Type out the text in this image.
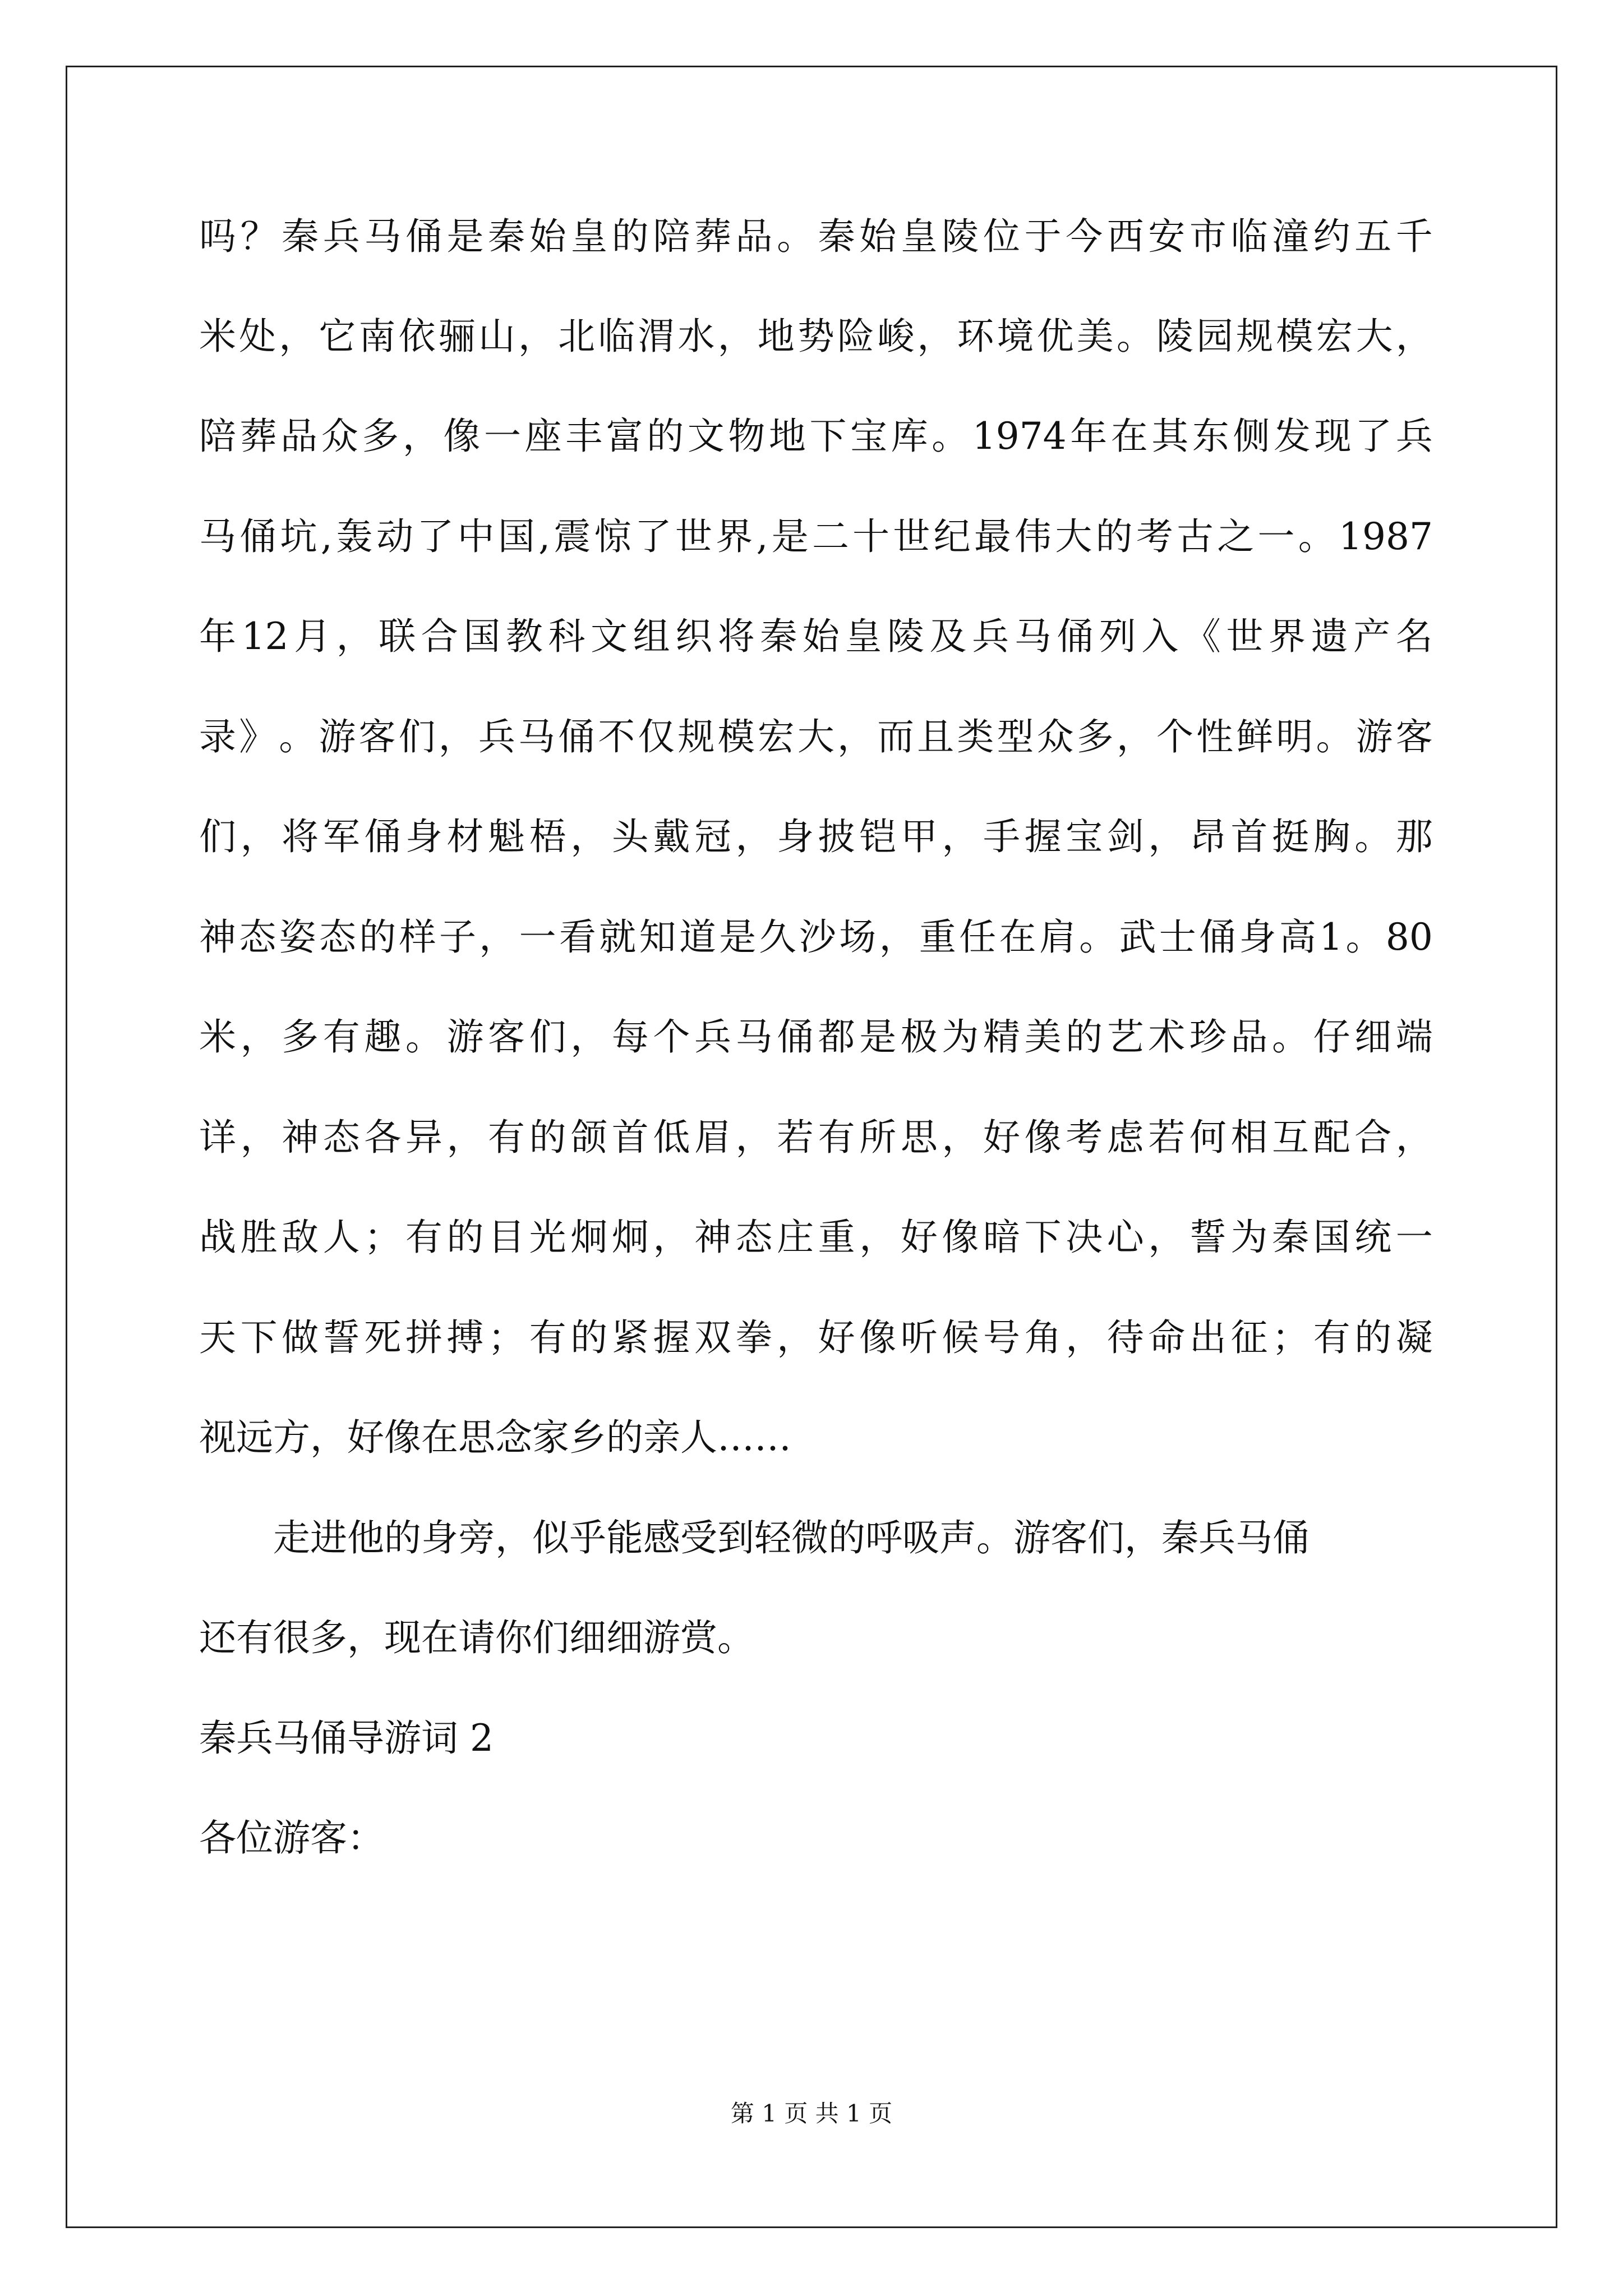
吗 ？ 秦 兵 马 俑 是 秦 始 皇 的 陪 葬 品 。 秦 始 皇 陵 位 于 今 西 安 市 临 潼 约 五 千
米 处 ， 它 南 依 骊 山 ， 北 临 渭 水 ， 地 势 险 峻 ， 环 境 优 美 。 陵 园 规 模 宏 大 ，
陪 葬 品 众 多 ， 像 一 座 丰 富 的 文 物 地 下 宝 库 。 1974 年 在 其 东 侧 发 现 了 兵
马 俑 坑 , 轰 动 了 中 国 , 震 惊 了 世 界 , 是 二 十 世 纪 最 伟 大 的 考 古 之 一 。 1987
年 12 月 ， 联 合 国 教 科 文 组 织 将 秦 始 皇 陵 及 兵 马 俑 列 入 《 世 界 遗 产 名
录 》 。 游 客 们 ， 兵 马 俑 不 仅 规 模 宏 大 ， 而 且 类 型 众 多 ， 个 性 鲜 明 。 游 客
们 ， 将 军 俑 身 材 魁 梧 ， 头 戴 冠 ， 身 披 铠 甲 ， 手 握 宝 剑 ， 昂 首 挺 胸 。 那
神 态 姿 态 的 样 子 ， 一 看 就 知 道 是 久 沙 场 ， 重 任 在 肩 。 武 士 俑 身 高 1 。 80
米 ， 多 有 趣 。 游 客 们 ， 每 个 兵 马 俑 都 是 极 为 精 美 的 艺 术 珍 品 。 仔 细 端
详 ， 神 态 各 异 ， 有 的 颌 首 低 眉 ， 若 有 所 思 ， 好 像 考 虑 若 何 相 互 配 合 ，
战 胜 敌 人 ； 有 的 目 光 炯 炯 ， 神 态 庄 重 ， 好 像 暗 下 决 心 ， 誓 为 秦 国 统 一
天 下 做 誓 死 拼 搏 ； 有 的 紧 握 双 拳 ， 好 像 听 候 号 角 ， 待 命 出 征 ； 有 的 凝
视远方，好像在思念家乡的亲人……
走进他的身旁，似乎能感受到轻微的呼吸声。游客们，秦兵马俑
还有很多，现在请你们细细游赏。
秦兵马俑导游词 2
各位游客：
第 1 页 共 1 页
